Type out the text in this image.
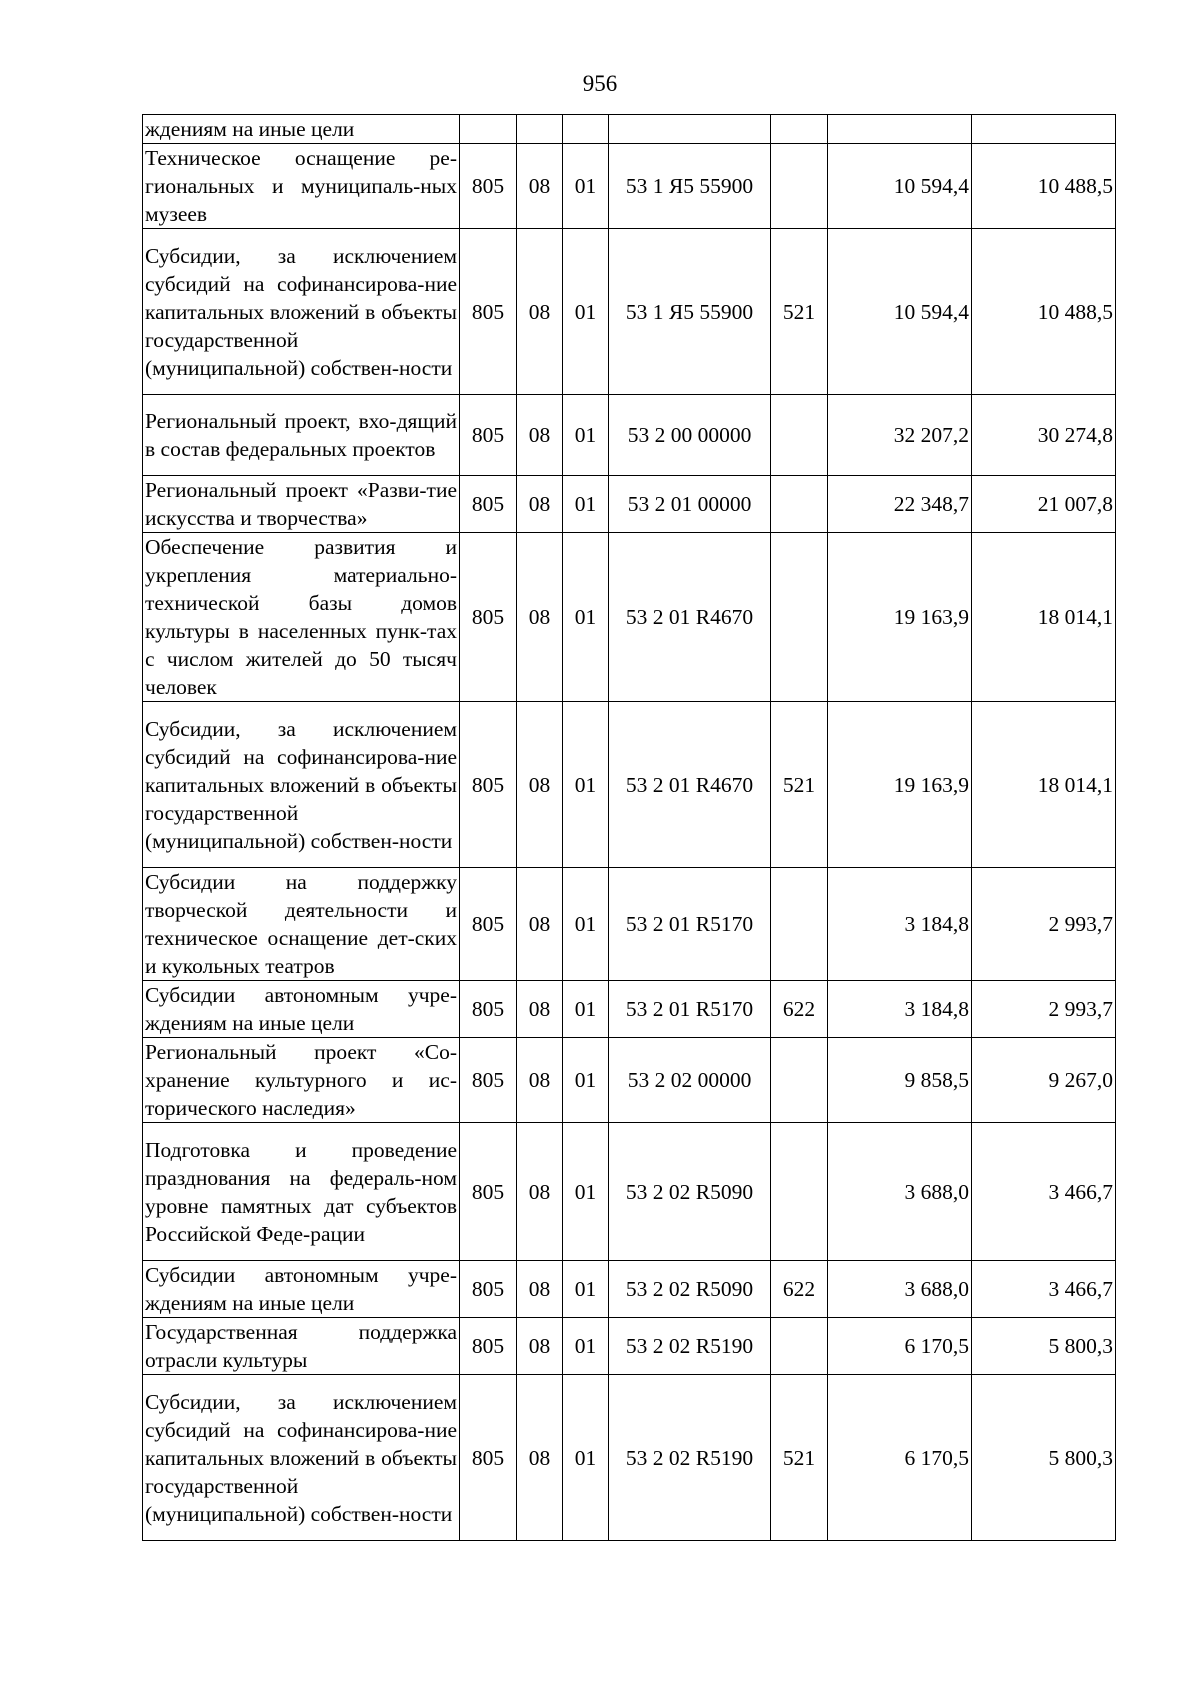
956
ждениям на иные цели							
Техническое оснащение ре-гиональных и муниципаль-ных музеев	805	08	01	53 1 Я5 55900		10 594,4	10 488,5
Субсидии, за исключением субсидий на софинансирова-ние капитальных вложений в объекты государственной (муниципальной) собствен-ности	805	08	01	53 1 Я5 55900	521	10 594,4	10 488,5
Региональный проект, вхо-дящий в состав федеральных проектов	805	08	01	53 2 00 00000		32 207,2	30 274,8
Региональный проект «Разви-тие искусства и творчества»	805	08	01	53 2 01 00000		22 348,7	21 007,8
Обеспечение развития и укрепления материально-технической базы домов культуры в населенных пунк-тах с числом жителей до 50 тысяч человек	805	08	01	53 2 01 R4670		19 163,9	18 014,1
Субсидии, за исключением субсидий на софинансирова-ние капитальных вложений в объекты государственной (муниципальной) собствен-ности	805	08	01	53 2 01 R4670	521	19 163,9	18 014,1
Субсидии на поддержку творческой деятельности и техническое оснащение дет-ских и кукольных театров	805	08	01	53 2 01 R5170		3 184,8	2 993,7
Субсидии автономным учре-ждениям на иные цели	805	08	01	53 2 01 R5170	622	3 184,8	2 993,7
Региональный проект «Со-хранение культурного и ис-торического наследия»	805	08	01	53 2 02 00000		9 858,5	9 267,0
Подготовка и проведение празднования на федераль-ном уровне памятных дат субъектов Российской Феде-рации	805	08	01	53 2 02 R5090		3 688,0	3 466,7
Субсидии автономным учре-ждениям на иные цели	805	08	01	53 2 02 R5090	622	3 688,0	3 466,7
Государственная поддержка отрасли культуры	805	08	01	53 2 02 R5190		6 170,5	5 800,3
Субсидии, за исключением субсидий на софинансирова-ние капитальных вложений в объекты государственной (муниципальной) собствен-ности	805	08	01	53 2 02 R5190	521	6 170,5	5 800,3
